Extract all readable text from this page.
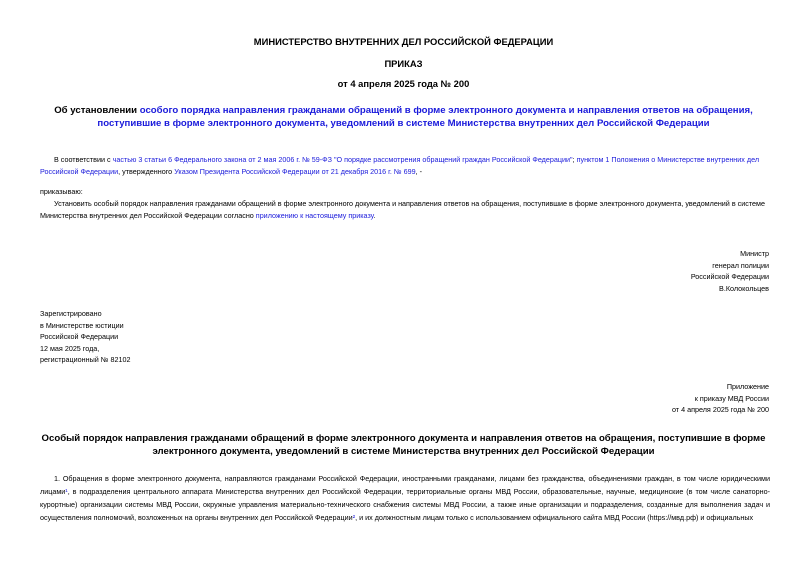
МИНИСТЕРСТВО ВНУТРЕННИХ ДЕЛ РОССИЙСКОЙ ФЕДЕРАЦИИ
ПРИКАЗ
от 4 апреля 2025 года № 200
Об установлении особого порядка направления гражданами обращений в форме электронного документа и направления ответов на обращения, поступившие в форме электронного документа, уведомлений в системе Министерства внутренних дел Российской Федерации
В соответствии с частью 3 статьи 6 Федерального закона от 2 мая 2006 г. № 59-ФЗ "О порядке рассмотрения обращений граждан Российской Федерации"; пунктом 1 Положения о Министерстве внутренних дел Российской Федерации, утвержденного Указом Президента Российской Федерации от 21 декабря 2016 г. № 699, -
приказываю:
Установить особый порядок направления гражданами обращений в форме электронного документа и направления ответов на обращения, поступившие в форме электронного документа, уведомлений в системе Министерства внутренних дел Российской Федерации согласно приложению к настоящему приказу.
Министр
генерал полиции
Российской Федерации
В.Колокольцев
Зарегистрировано
в Министерстве юстиции
Российской Федерации
12 мая 2025 года,
регистрационный № 82102
Приложение
к приказу МВД России
от 4 апреля 2025 года № 200
Особый порядок направления гражданами обращений в форме электронного документа и направления ответов на обращения, поступившие в форме электронного документа, уведомлений в системе Министерства внутренних дел Российской Федерации
1. Обращения в форме электронного документа, направляются гражданами Российской Федерации, иностранными гражданами, лицами без гражданства, объединениями граждан, в том числе юридическими лицами¹, в подразделения центрального аппарата Министерства внутренних дел Российской Федерации, территориальные органы МВД России, образовательные, научные, медицинские (в том числе санаторно-курортные) организации системы МВД России, окружные управления материально-технического снабжения системы МВД России, а также иные организации и подразделения, созданные для выполнения задач и осуществления полномочий, возложенных на органы внутренних дел Российской Федерации², и их должностным лицам только с использованием официального сайта МВД России (https://мвд.рф) и официальных
